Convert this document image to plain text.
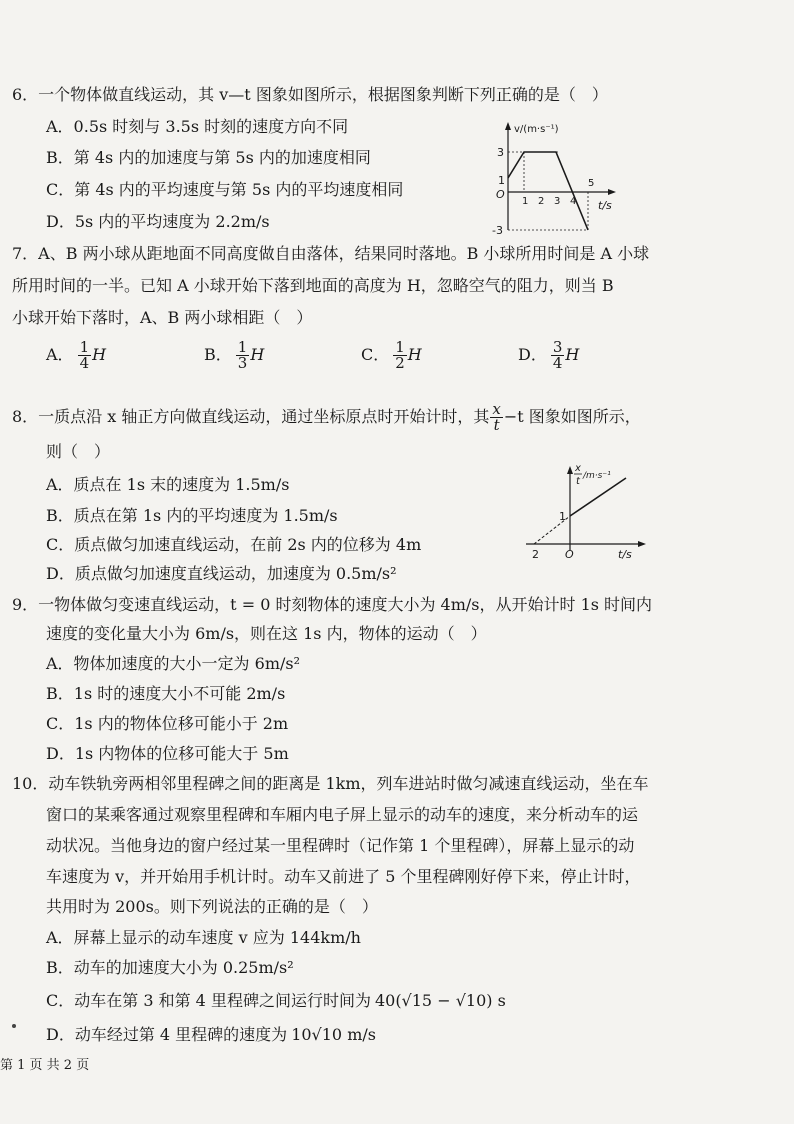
6．一个物体做直线运动，其 v—t 图象如图所示，根据图象判断下列正确的是（　）
A．0.5s 时刻与 3.5s 时刻的速度方向不同
B．第 4s 内的加速度与第 5s 内的加速度相同
C．第 4s 内的平均速度与第 5s 内的平均速度相同
D．5s 内的平均速度为 2.2m/s
v/(m·s⁻¹)
t/s
O
3
1
-3
1 2 3 4
5
7．A、B 两小球从距地面不同高度做自由落体，结果同时落地。B 小球所用时间是 A 小球
所用时间的一半。已知 A 小球开始下落到地面的高度为 H，忽略空气的阻力，则当 B
小球开始下落时，A、B 两小球相距（　）
A． $\frac{1}{4}$ H	B． $\frac{1}{3}$ H	C． $\frac{1}{2}$ H	D． $\frac{3}{4}$ H
8．一质点沿 x 轴正方向做直线运动，通过坐标原点时开始计时，其 $\frac{x}{t} -t$ 图象如图所示，
则（　）
A．质点在 1s 末的速度为 1.5m/s
B．质点在第 1s 内的平均速度为 1.5m/s
C．质点做匀加速直线运动，在前 2s 内的位移为 4m
D．质点做匀加速度直线运动，加速度为 0.5m/s²
x
t /m·s⁻¹
t/s
O
2
1
9．一物体做匀变速直线运动，t = 0 时刻物体的速度大小为 4m/s，从开始计时 1s 时间内
速度的变化量大小为 6m/s，则在这 1s 内，物体的运动（　）
A．物体加速度的大小一定为 6m/s²
B．1s 时的速度大小不可能 2m/s
C．1s 内的物体位移可能小于 2m
D．1s 内物体的位移可能大于 5m
10．动车铁轨旁两相邻里程碑之间的距离是 1km，列车进站时做匀减速直线运动，坐在车
窗口的某乘客通过观察里程碑和车厢内电子屏上显示的动车的速度，来分析动车的运
动状况。当他身边的窗户经过某一里程碑时（记作第 1 个里程碑），屏幕上显示的动
车速度为 v，并开始用手机计时。动车又前进了 5 个里程碑刚好停下来，停止计时，
共用时为 200s。则下列说法的正确的是（　）
A．屏幕上显示的动车速度 v 应为 144km/h
B．动车的加速度大小为 0.25m/s²
C．动车在第 3 和第 4 里程碑之间运行时间为 40(√15 − √10) s
D．动车经过第 4 里程碑的速度为 10√10 m/s
第 1 页 共 2 页
